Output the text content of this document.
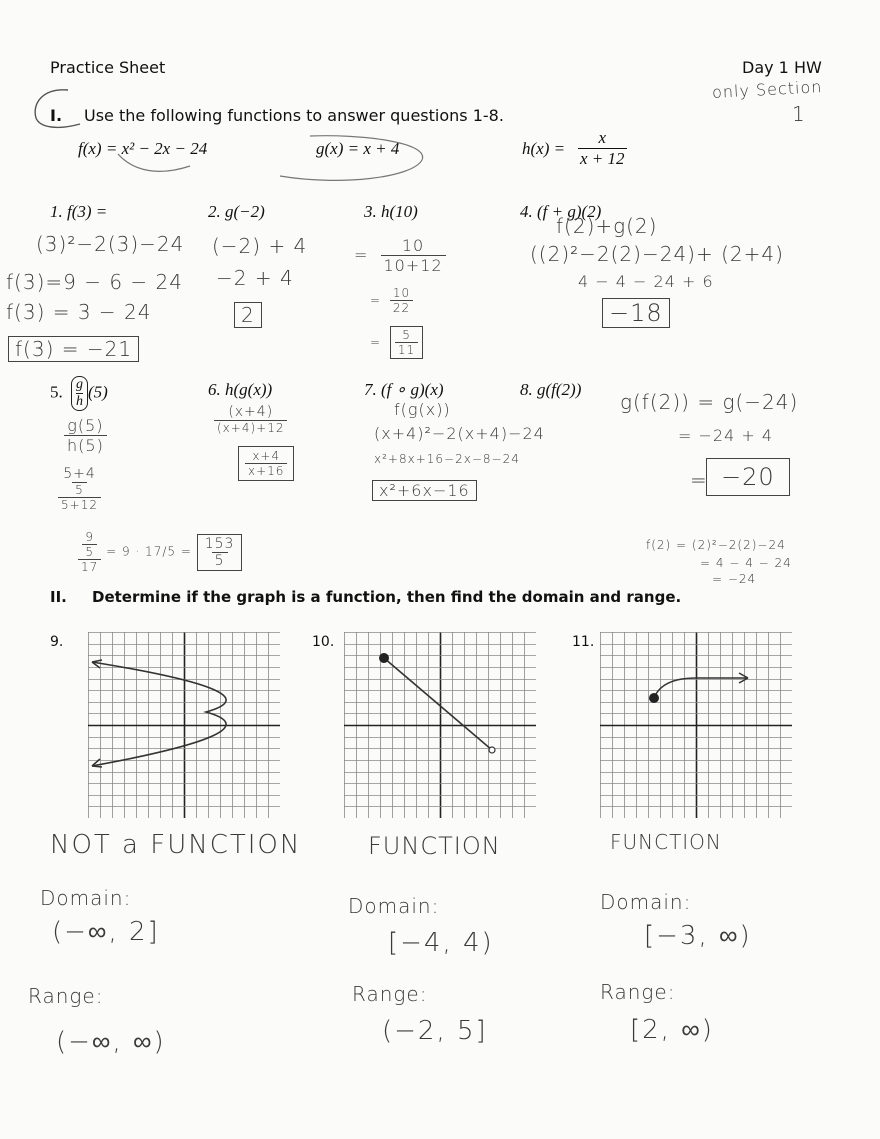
Practice Sheet	Day 1 HW
only Section
1
I. Use the following functions to answer questions 1-8.
f(x) = x² − 2x − 24	g(x) = x + 4	$h(x) = \frac{x}{x + 12}$
1. f(3) =
(3)²−2(3)−24
f(3)=9 − 6 − 24
f(3) = 3 − 24
f(3) = −21
2. g(−2)
(−2) + 4
−2 + 4
2
3. h(10)
= $\frac{10}{10+12}$
= $\frac{10}{22}$
= $\frac{5}{11}$
4. (f + g)(2)
f(2)+g(2)
((2)²−2(2)−24)+ (2+4)
4 − 4 − 24 + 6
−18
5. $\frac{g}{h} (5)$
$\frac{g(5)}{h(5)}$
5+4
5
5+12
9
5
17
= $9 \cdot 17/5 = \frac{153}{5}$
6. h(g(x))
$\frac{(x+4)}{(x+4)+12}$
$\frac{x+4}{x+16}$
7. (f ∘ g)(x)
f(g(x))
(x+4)²−2(x+4)−24
x²+8x+16−2x−8−24
x²+6x−16
8. g(f(2))
g(f(2)) = g(−24)
= −24 + 4
= −20
f(2) = (2)²−2(2)−24
= 4 − 4 − 24
= −24
II. Determine if the graph is a function, then find the domain and range.
9.	10.	11.
NOT a FUNCTION
Domain:
(−∞, 2]
Range:
(−∞, ∞)
FUNCTION
Domain:
[−4, 4)
Range:
(−2, 5]
FUNCTION
Domain:
[−3, ∞)
Range:
[2, ∞)
